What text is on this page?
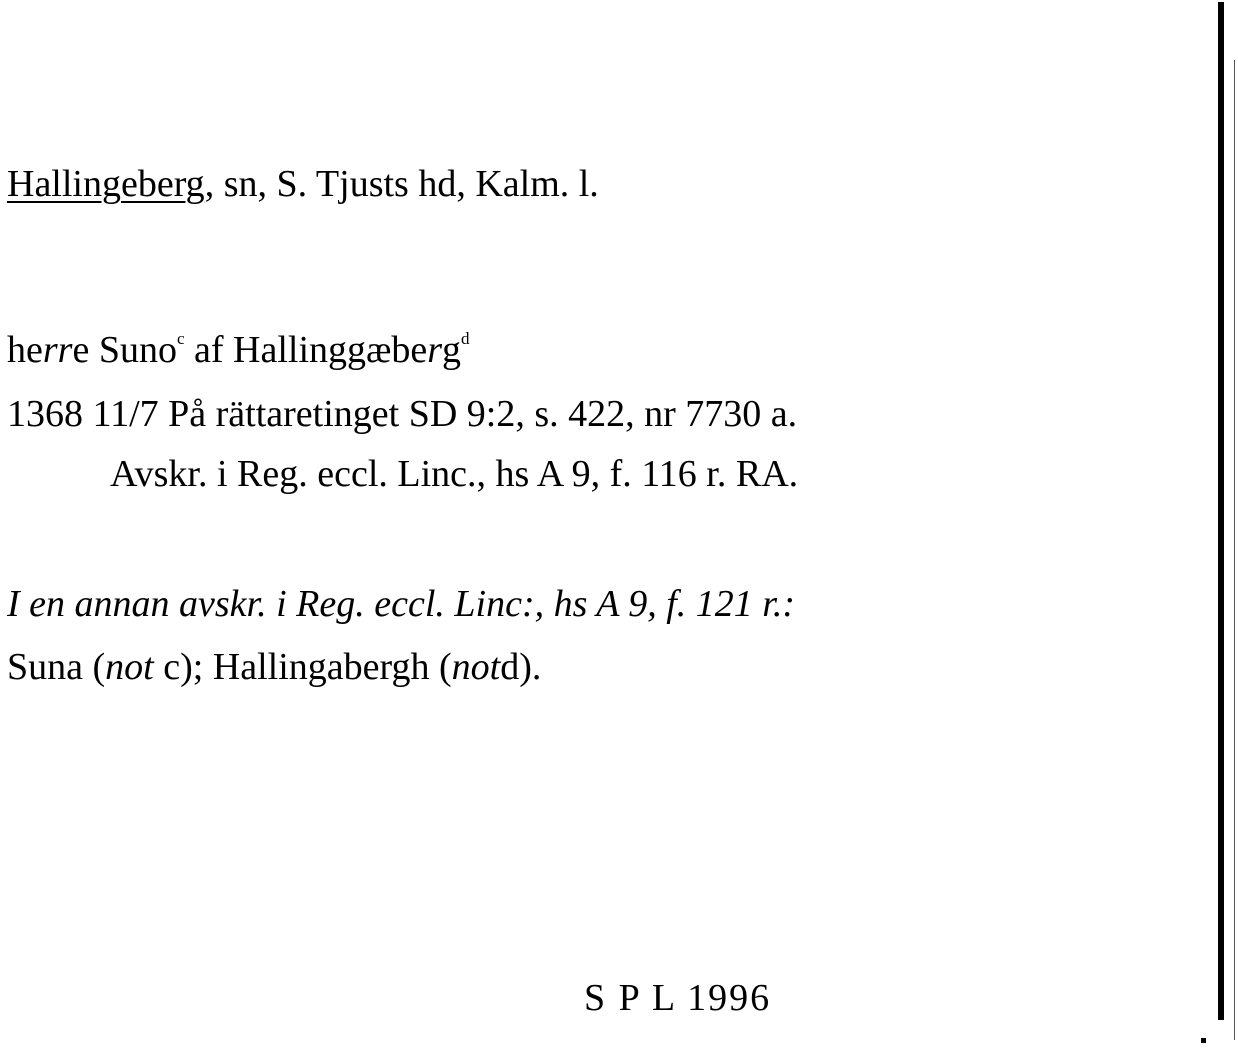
Hallingeberg, sn, S. Tjusts hd, Kalm. l.
herre Suno$^c$ af Hallinggæberg$^d$
1368 11/7 På rättaretinget SD 9:2, s. 422, nr 7730 a.
Avskr. i Reg. eccl. Linc., hs A 9, f. 116 r. RA.
I en annan avskr. i Reg. eccl. Linc:, hs A 9, f. 121 r.:
Suna (not c); Hallingabergh (notd).
S P L 1996
